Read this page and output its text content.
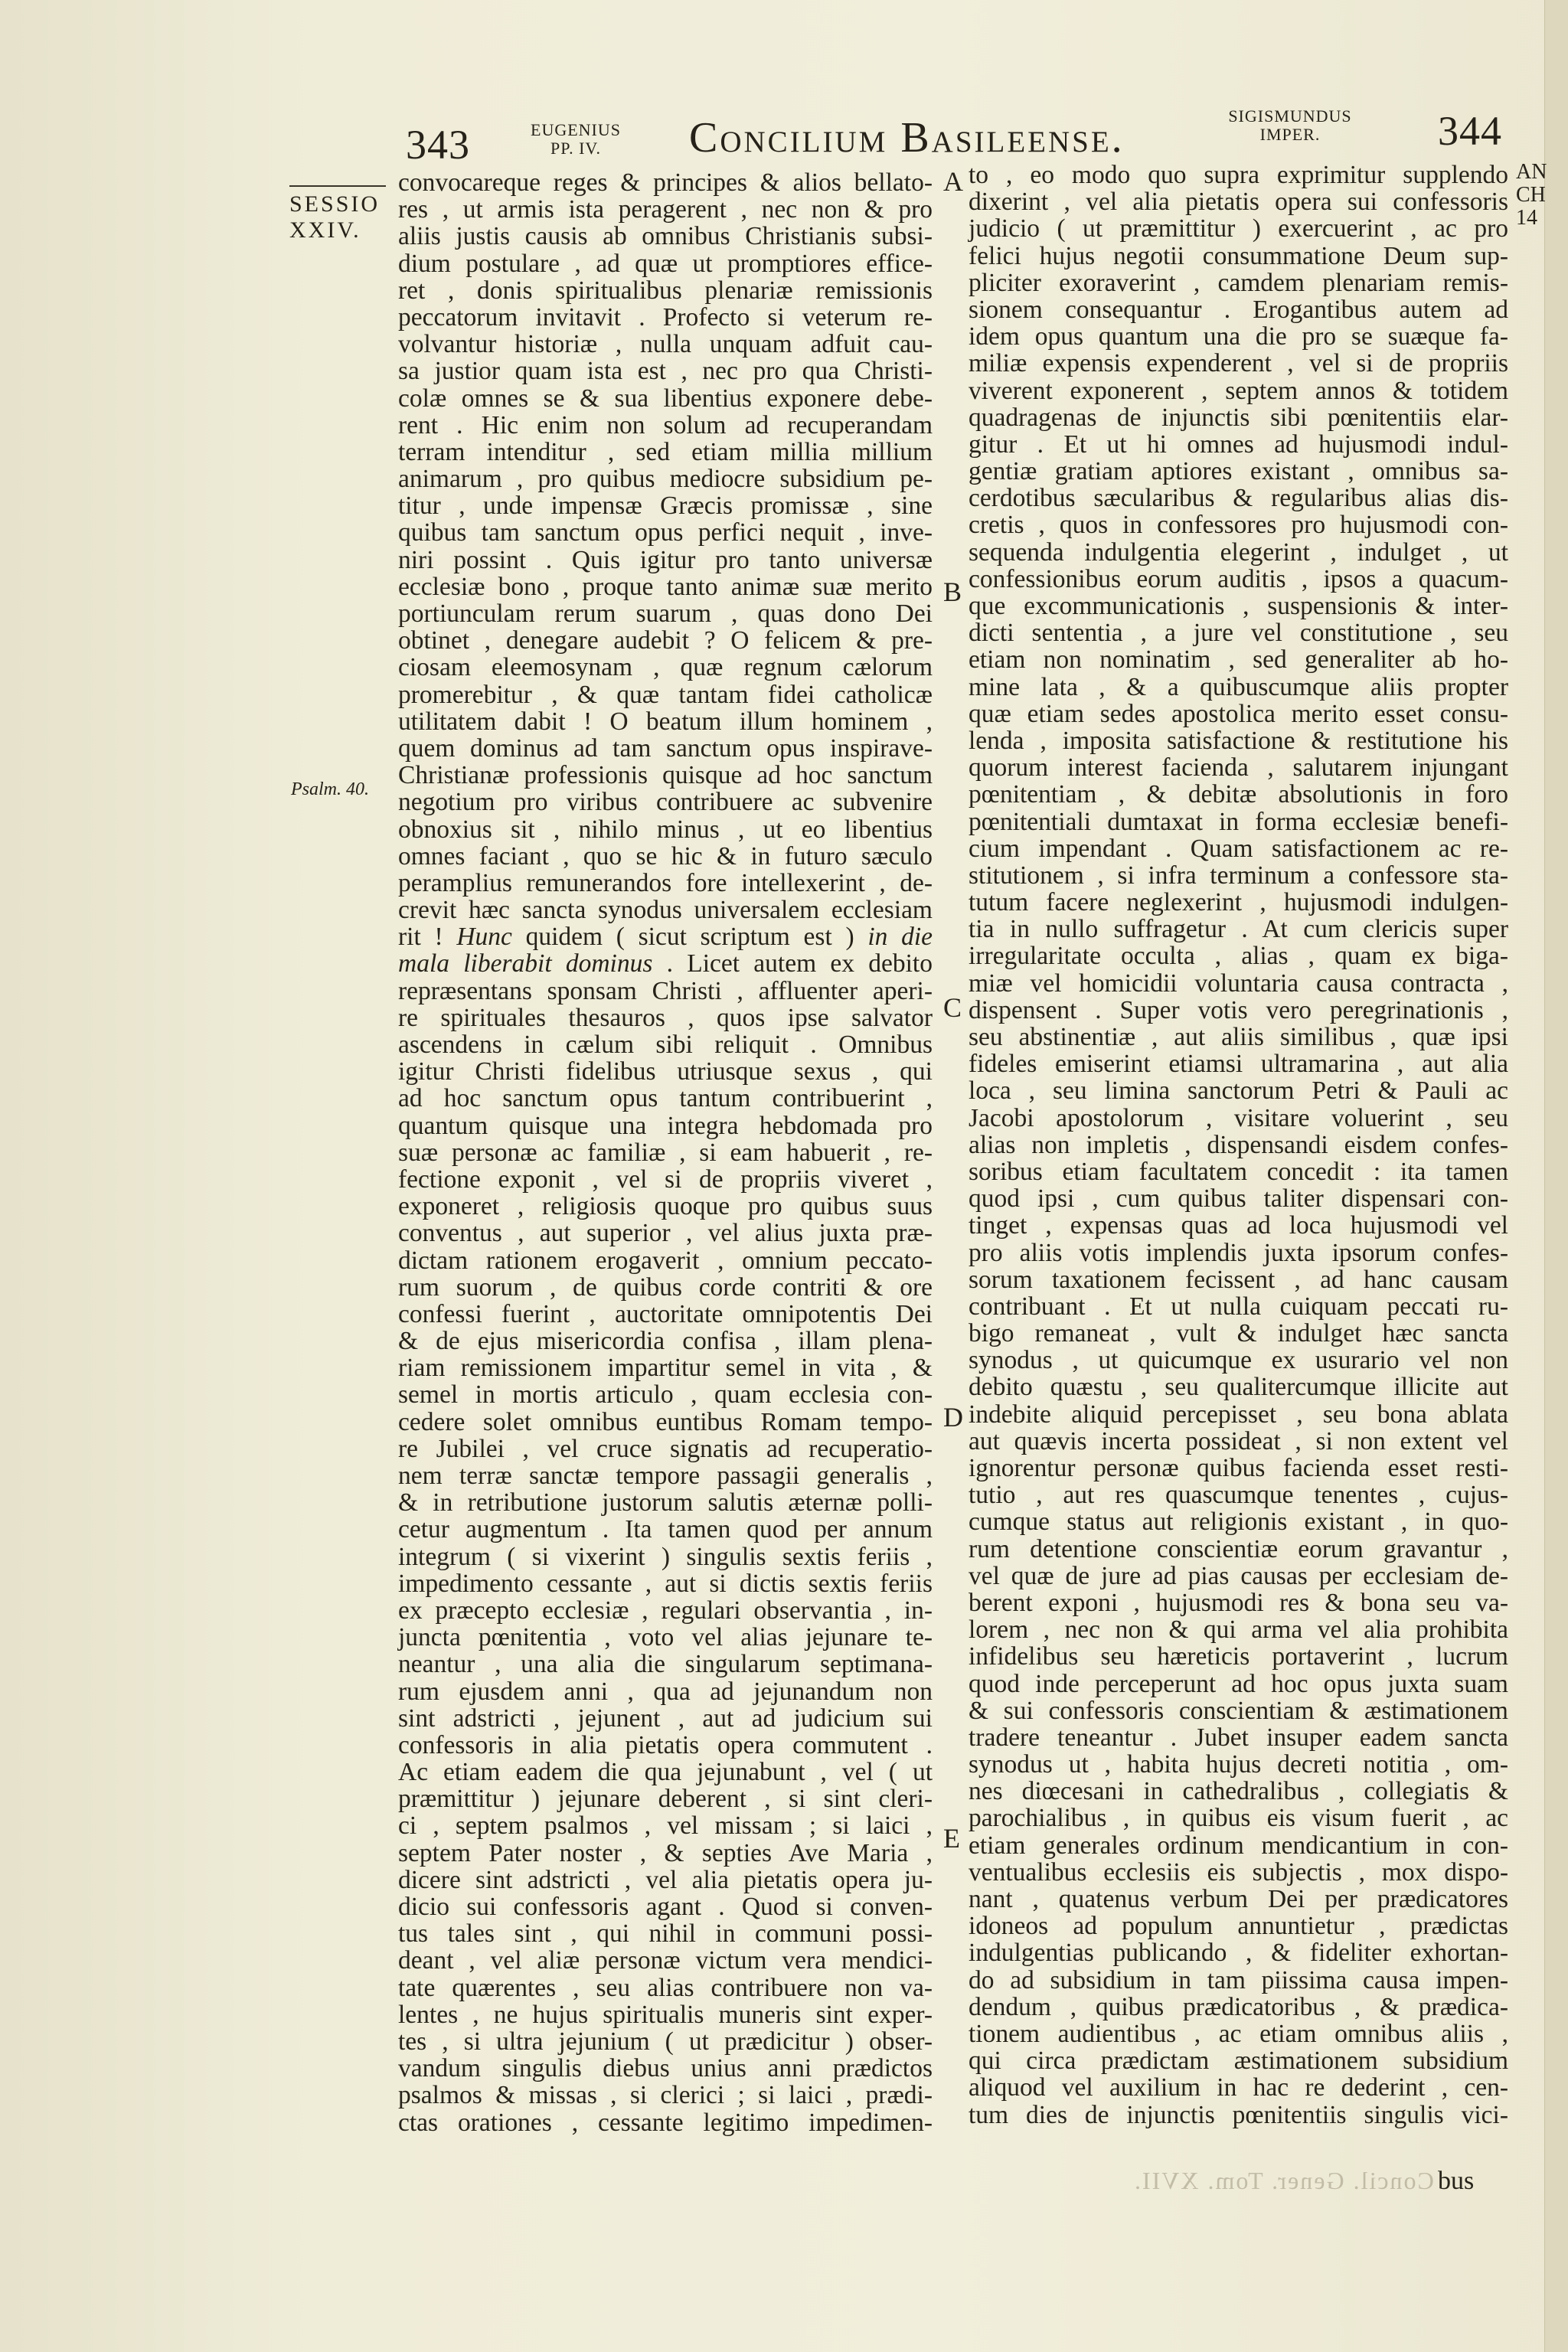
343	EUGENIUS
PP. IV.	Concilium Basileense.	SIGISMUNDUS
IMPER.	344
SESSIO
XXIV.
Psalm. 40.
A
B
C
D
E
AN
CH
14
convocareque reges & principes & alios bellato-
res , ut armis ista peragerent , nec non & pro
aliis justis causis ab omnibus Christianis subsi-
dium postulare , ad quæ ut promptiores effice-
ret , donis spiritualibus plenariæ remissionis
peccatorum invitavit . Profecto si veterum re-
volvantur historiæ , nulla unquam adfuit cau-
sa justior quam ista est , nec pro qua Christi-
colæ omnes se & sua libentius exponere debe-
rent . Hic enim non solum ad recuperandam
terram intenditur , sed etiam millia millium
animarum , pro quibus mediocre subsidium pe-
titur , unde impensæ Græcis promissæ , sine
quibus tam sanctum opus perfici nequit , inve-
niri possint . Quis igitur pro tanto universæ
ecclesiæ bono , proque tanto animæ suæ merito
portiunculam rerum suarum , quas dono Dei
obtinet , denegare audebit ? O felicem & pre-
ciosam eleemosynam , quæ regnum cælorum
promerebitur , & quæ tantam fidei catholicæ
utilitatem dabit ! O beatum illum hominem ,
quem dominus ad tam sanctum opus inspirave-
Christianæ professionis quisque ad hoc sanctum
negotium pro viribus contribuere ac subvenire
obnoxius sit , nihilo minus , ut eo libentius
omnes faciant , quo se hic & in futuro sæculo
peramplius remunerandos fore intellexerint , de-
crevit hæc sancta synodus universalem ecclesiam
rit ! Hunc quidem ( sicut scriptum est ) in die
mala liberabit dominus . Licet autem ex debito
repræsentans sponsam Christi , affluenter aperi-
re spirituales thesauros , quos ipse salvator
ascendens in cælum sibi reliquit . Omnibus
igitur Christi fidelibus utriusque sexus , qui
ad hoc sanctum opus tantum contribuerint ,
quantum quisque una integra hebdomada pro
suæ personæ ac familiæ , si eam habuerit , re-
fectione exponit , vel si de propriis viveret ,
exponeret , religiosis quoque pro quibus suus
conventus , aut superior , vel alius juxta præ-
dictam rationem erogaverit , omnium peccato-
rum suorum , de quibus corde contriti & ore
confessi fuerint , auctoritate omnipotentis Dei
& de ejus misericordia confisa , illam plena-
riam remissionem impartitur semel in vita , &
semel in mortis articulo , quam ecclesia con-
cedere solet omnibus euntibus Romam tempo-
re Jubilei , vel cruce signatis ad recuperatio-
nem terræ sanctæ tempore passagii generalis ,
& in retributione justorum salutis æternæ polli-
cetur augmentum . Ita tamen quod per annum
integrum ( si vixerint ) singulis sextis feriis ,
impedimento cessante , aut si dictis sextis feriis
ex præcepto ecclesiæ , regulari observantia , in-
juncta pœnitentia , voto vel alias jejunare te-
neantur , una alia die singularum septimana-
rum ejusdem anni , qua ad jejunandum non
sint adstricti , jejunent , aut ad judicium sui
confessoris in alia pietatis opera commutent .
Ac etiam eadem die qua jejunabunt , vel ( ut
præmittitur ) jejunare deberent , si sint cleri-
ci , septem psalmos , vel missam ; si laici ,
septem Pater noster , & septies Ave Maria ,
dicere sint adstricti , vel alia pietatis opera ju-
dicio sui confessoris agant . Quod si conven-
tus tales sint , qui nihil in communi possi-
deant , vel aliæ personæ victum vera mendici-
tate quærentes , seu alias contribuere non va-
lentes , ne hujus spiritualis muneris sint exper-
tes , si ultra jejunium ( ut prædicitur ) obser-
vandum singulis diebus unius anni prædictos
psalmos & missas , si clerici ; si laici , prædi-
ctas orationes , cessante legitimo impedimen-
to , eo modo quo supra exprimitur supplendo
dixerint , vel alia pietatis opera sui confessoris
judicio ( ut præmittitur ) exercuerint , ac pro
felici hujus negotii consummatione Deum sup-
pliciter exoraverint , camdem plenariam remis-
sionem consequantur . Erogantibus autem ad
idem opus quantum una die pro se suæque fa-
miliæ expensis expenderent , vel si de propriis
viverent exponerent , septem annos & totidem
quadragenas de injunctis sibi pœnitentiis elar-
gitur . Et ut hi omnes ad hujusmodi indul-
gentiæ gratiam aptiores existant , omnibus sa-
cerdotibus sæcularibus & regularibus alias dis-
cretis , quos in confessores pro hujusmodi con-
sequenda indulgentia elegerint , indulget , ut
confessionibus eorum auditis , ipsos a quacum-
que excommunicationis , suspensionis & inter-
dicti sententia , a jure vel constitutione , seu
etiam non nominatim , sed generaliter ab ho-
mine lata , & a quibuscumque aliis propter
quæ etiam sedes apostolica merito esset consu-
lenda , imposita satisfactione & restitutione his
quorum interest facienda , salutarem injungant
pœnitentiam , & debitæ absolutionis in foro
pœnitentiali dumtaxat in forma ecclesiæ benefi-
cium impendant . Quam satisfactionem ac re-
stitutionem , si infra terminum a confessore sta-
tutum facere neglexerint , hujusmodi indulgen-
tia in nullo suffragetur . At cum clericis super
irregularitate occulta , alias , quam ex biga-
miæ vel homicidii voluntaria causa contracta ,
dispensent . Super votis vero peregrinationis ,
seu abstinentiæ , aut aliis similibus , quæ ipsi
fideles emiserint etiamsi ultramarina , aut alia
loca , seu limina sanctorum Petri & Pauli ac
Jacobi apostolorum , visitare voluerint , seu
alias non impletis , dispensandi eisdem confes-
soribus etiam facultatem concedit : ita tamen
quod ipsi , cum quibus taliter dispensari con-
tinget , expensas quas ad loca hujusmodi vel
pro aliis votis implendis juxta ipsorum confes-
sorum taxationem fecissent , ad hanc causam
contribuant . Et ut nulla cuiquam peccati ru-
bigo remaneat , vult & indulget hæc sancta
synodus , ut quicumque ex usurario vel non
debito quæstu , seu qualitercumque illicite aut
indebite aliquid percepisset , seu bona ablata
aut quævis incerta possideat , si non extent vel
ignorentur personæ quibus facienda esset resti-
tutio , aut res quascumque tenentes , cujus-
cumque status aut religionis existant , in quo-
rum detentione conscientiæ eorum gravantur ,
vel quæ de jure ad pias causas per ecclesiam de-
berent exponi , hujusmodi res & bona seu va-
lorem , nec non & qui arma vel alia prohibita
infidelibus seu hæreticis portaverint , lucrum
quod inde perceperunt ad hoc opus juxta suam
& sui confessoris conscientiam & æstimationem
tradere teneantur . Jubet insuper eadem sancta
synodus ut , habita hujus decreti notitia , om-
nes diœcesani in cathedralibus , collegiatis &
parochialibus , in quibus eis visum fuerit , ac
etiam generales ordinum mendicantium in con-
ventualibus ecclesiis eis subjectis , mox dispo-
nant , quatenus verbum Dei per prædicatores
idoneos ad populum annuntietur , prædictas
indulgentias publicando , & fideliter exhortan-
do ad subsidium in tam piissima causa impen-
dendum , quibus prædicatoribus , & prædica-
tionem audientibus , ac etiam omnibus aliis ,
qui circa prædictam æstimationem subsidium
aliquod vel auxilium in hac re dederint , cen-
tum dies de injunctis pœnitentiis singulis vici-
Concil. Gener. Tom. XVII. bus
